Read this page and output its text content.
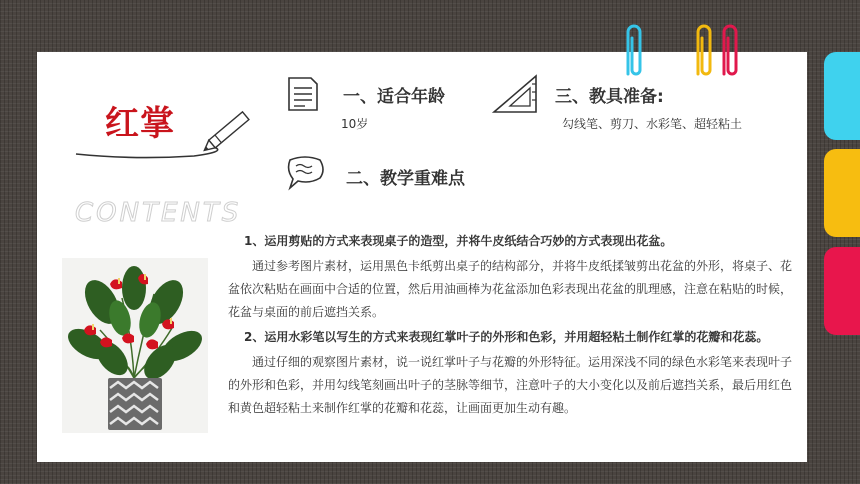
红掌
一、适合年龄
10岁
三、教具准备:
勾线笔、剪刀、水彩笔、超轻粘土
二、教学重难点
CONTENTS

1、运用剪贴的方式来表现桌子的造型，并将牛皮纸结合巧妙的方式表现出花盆。

通过参考图片素材，运用黑色卡纸剪出桌子的结构部分，并将牛皮纸揉皱剪出花盆的外形，将桌子、花盆依次粘贴在画面中合适的位置，然后用油画棒为花盆添加色彩表现出花盆的肌理感，注意在粘贴的时候，花盆与桌面的前后遮挡关系。

2、运用水彩笔以写生的方式来表现红掌叶子的外形和色彩，并用超轻粘土制作红掌的花瓣和花蕊。

通过仔细的观察图片素材，说一说红掌叶子与花瓣的外形特征。运用深浅不同的绿色水彩笔来表现叶子的外形和色彩，并用勾线笔刻画出叶子的茎脉等细节，注意叶子的大小变化以及前后遮挡关系，最后用红色和黄色超轻粘土来制作红掌的花瓣和花蕊，让画面更加生动有趣。
